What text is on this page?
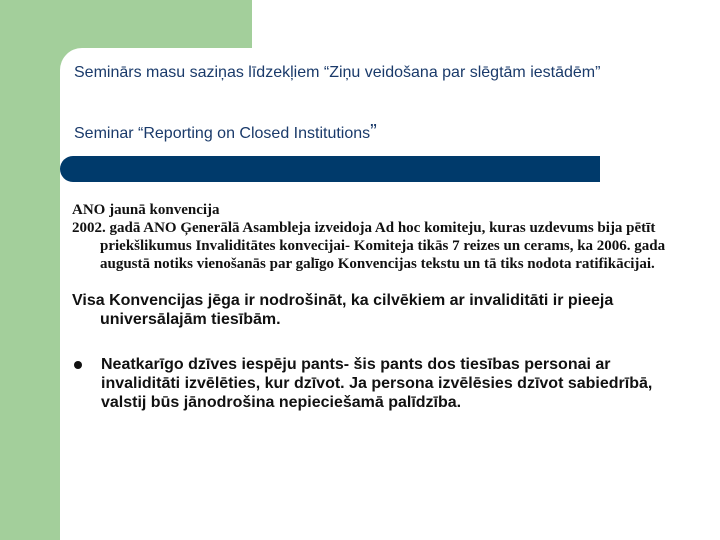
Seminārs masu saziņas līdzekļiem “Ziņu veidošana par slēgtām iestādēm”

Seminar “Reporting on Closed Institutions”

ANO jaunā konvencija

2002. gadā ANO Ģenerālā Asambleja izveidoja Ad hoc komiteju, kuras uzdevums bija pētīt priekšlikumus Invaliditātes konvecijai- Komiteja tikās 7 reizes un cerams, ka 2006. gada augustā notiks vienošanās par galīgo Konvencijas tekstu un tā tiks nodota ratifikācijai.

Visa Konvencijas jēga ir nodrošināt, ka cilvēkiem ar invaliditāti ir pieeja universālajām tiesībām.

Neatkarīgo dzīves iespēju pants- šis pants dos tiesības personai ar invaliditāti izvēlēties, kur dzīvot. Ja persona izvēlēsies dzīvot sabiedrībā, valstij būs jānodrošina nepieciešamā palīdzība.
